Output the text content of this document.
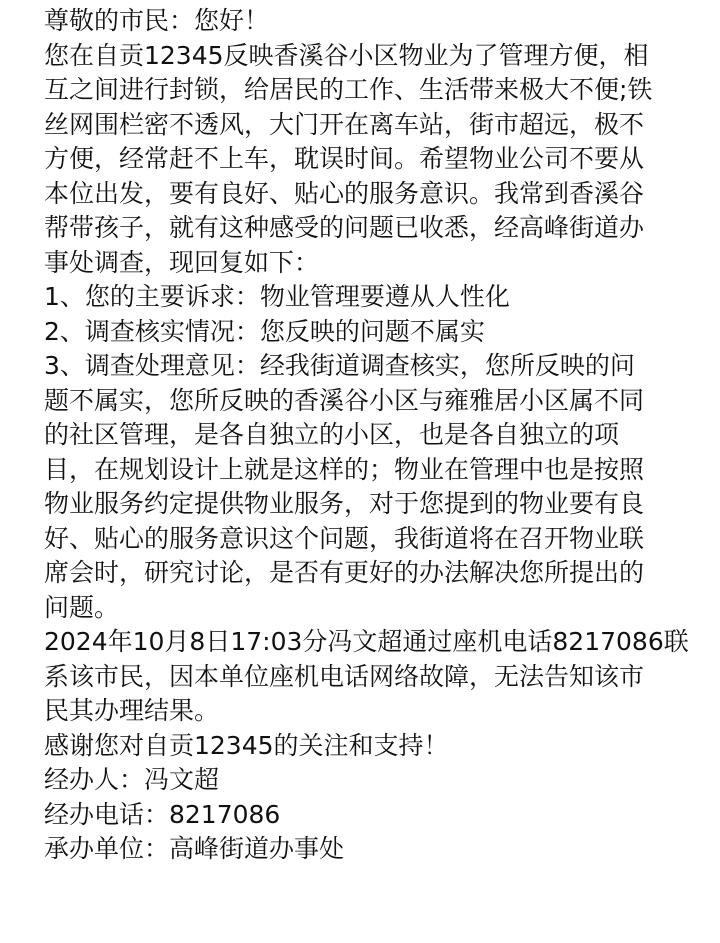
尊敬的市民：您好！
您在自贡12345反映香溪谷小区物业为了管理方便，相
互之间进行封锁，给居民的工作、生活带来极大不便;铁
丝网围栏密不透风，大门开在离车站，街市超远，极不
方便，经常赶不上车，耽误时间。希望物业公司不要从
本位出发，要有良好、贴心的服务意识。我常到香溪谷
帮带孩子，就有这种感受的问题已收悉，经高峰街道办
事处调查，现回复如下：
1、您的主要诉求：物业管理要遵从人性化
2、调查核实情况：您反映的问题不属实
3、调查处理意见：经我街道调查核实，您所反映的问
题不属实，您所反映的香溪谷小区与雍雅居小区属不同
的社区管理，是各自独立的小区，也是各自独立的项
目，在规划设计上就是这样的；物业在管理中也是按照
物业服务约定提供物业服务，对于您提到的物业要有良
好、贴心的服务意识这个问题，我街道将在召开物业联
席会时，研究讨论，是否有更好的办法解决您所提出的
问题。
2024年10月8日17:03分冯文超通过座机电话8217086联
系该市民，因本单位座机电话网络故障，无法告知该市
民其办理结果。
感谢您对自贡12345的关注和支持！
经办人：冯文超
经办电话：8217086
承办单位：高峰街道办事处
